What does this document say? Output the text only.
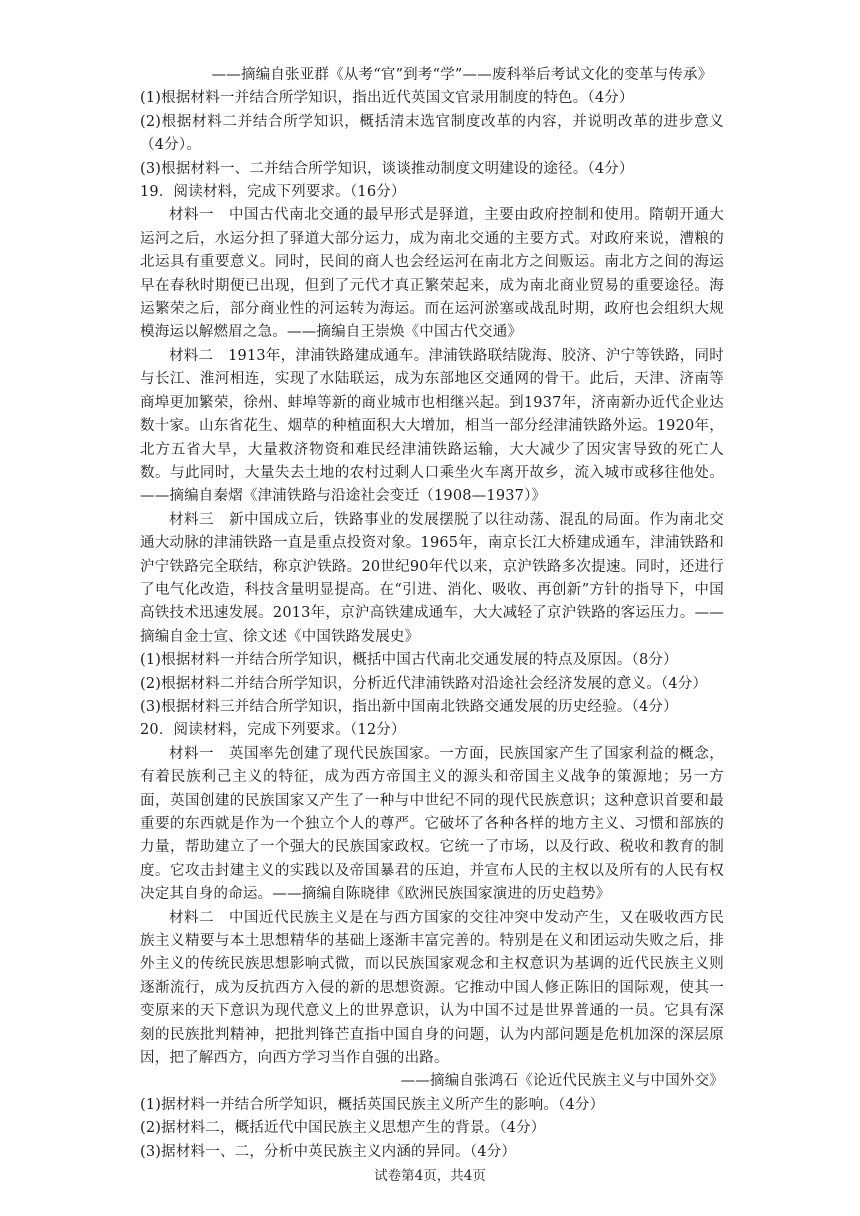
——摘编自张亚群《从考“官”到考“学”——废科举后考试文化的变革与传承》
(1)根据材料一并结合所学知识，指出近代英国文官录用制度的特色。（4分）
(2)根据材料二并结合所学知识，概括清末选官制度改革的内容，并说明改革的进步意义（4分）。
(3)根据材料一、二并结合所学知识，谈谈推动制度文明建设的途径。（4分）
19．阅读材料，完成下列要求。（16分）
材料一　中国古代南北交通的最早形式是驿道，主要由政府控制和使用。隋朝开通大运河之后，水运分担了驿道大部分运力，成为南北交通的主要方式。对政府来说，漕粮的北运具有重要意义。同时，民间的商人也会经运河在南北方之间贩运。南北方之间的海运早在春秋时期便已出现，但到了元代才真正繁荣起来，成为南北商业贸易的重要途径。海运繁荣之后，部分商业性的河运转为海运。而在运河淤塞或战乱时期，政府也会组织大规模海运以解燃眉之急。——摘编自王崇焕《中国古代交通》
材料二　1913年，津浦铁路建成通车。津浦铁路联结陇海、胶济、沪宁等铁路，同时与长江、淮河相连，实现了水陆联运，成为东部地区交通网的骨干。此后，天津、济南等商埠更加繁荣，徐州、蚌埠等新的商业城市也相继兴起。到1937年，济南新办近代企业达数十家。山东省花生、烟草的种植面积大大增加，相当一部分经津浦铁路外运。1920年，北方五省大旱，大量救济物资和难民经津浦铁路运输，大大减少了因灾害导致的死亡人数。与此同时，大量失去土地的农村过剩人口乘坐火车离开故乡，流入城市或移往他处。——摘编自秦熠《津浦铁路与沿途社会变迁（1908—1937）》
材料三　新中国成立后，铁路事业的发展摆脱了以往动荡、混乱的局面。作为南北交通大动脉的津浦铁路一直是重点投资对象。1965年，南京长江大桥建成通车，津浦铁路和沪宁铁路完全联结，称京沪铁路。20世纪90年代以来，京沪铁路多次提速。同时，还进行了电气化改造，科技含量明显提高。在“引进、消化、吸收、再创新”方针的指导下，中国高铁技术迅速发展。2013年，京沪高铁建成通车，大大减轻了京沪铁路的客运压力。——摘编自金士宣、徐文述《中国铁路发展史》
(1)根据材料一并结合所学知识，概括中国古代南北交通发展的特点及原因。（8分）
(2)根据材料二并结合所学知识，分析近代津浦铁路对沿途社会经济发展的意义。（4分）
(3)根据材料三并结合所学知识，指出新中国南北铁路交通发展的历史经验。（4分）
20．阅读材料，完成下列要求。（12分）
材料一　英国率先创建了现代民族国家。一方面，民族国家产生了国家利益的概念，有着民族利己主义的特征，成为西方帝国主义的源头和帝国主义战争的策源地；另一方面，英国创建的民族国家又产生了一种与中世纪不同的现代民族意识；这种意识首要和最重要的东西就是作为一个独立个人的尊严。它破坏了各种各样的地方主义、习惯和部族的力量，帮助建立了一个强大的民族国家政权。它统一了市场，以及行政、税收和教育的制度。它攻击封建主义的实践以及帝国暴君的压迫，并宣布人民的主权以及所有的人民有权决定其自身的命运。——摘编自陈晓律《欧洲民族国家演进的历史趋势》
材料二　中国近代民族主义是在与西方国家的交往冲突中发动产生，又在吸收西方民族主义精要与本土思想精华的基础上逐渐丰富完善的。特别是在义和团运动失败之后，排外主义的传统民族思想影响式微，而以民族国家观念和主权意识为基调的近代民族主义则逐渐流行，成为反抗西方入侵的新的思想资源。它推动中国人修正陈旧的国际观，使其一变原来的天下意识为现代意义上的世界意识，认为中国不过是世界普通的一员。它具有深刻的民族批判精神，把批判锋芒直指中国自身的问题，认为内部问题是危机加深的深层原因，把了解西方，向西方学习当作自强的出路。
——摘编自张鸿石《论近代民族主义与中国外交》
(1)据材料一并结合所学知识，概括英国民族主义所产生的影响。（4分）
(2)据材料二，概括近代中国民族主义思想产生的背景。（4分）
(3)据材料一、二，分析中英民族主义内涵的异同。（4分）
试卷第4页，共4页
